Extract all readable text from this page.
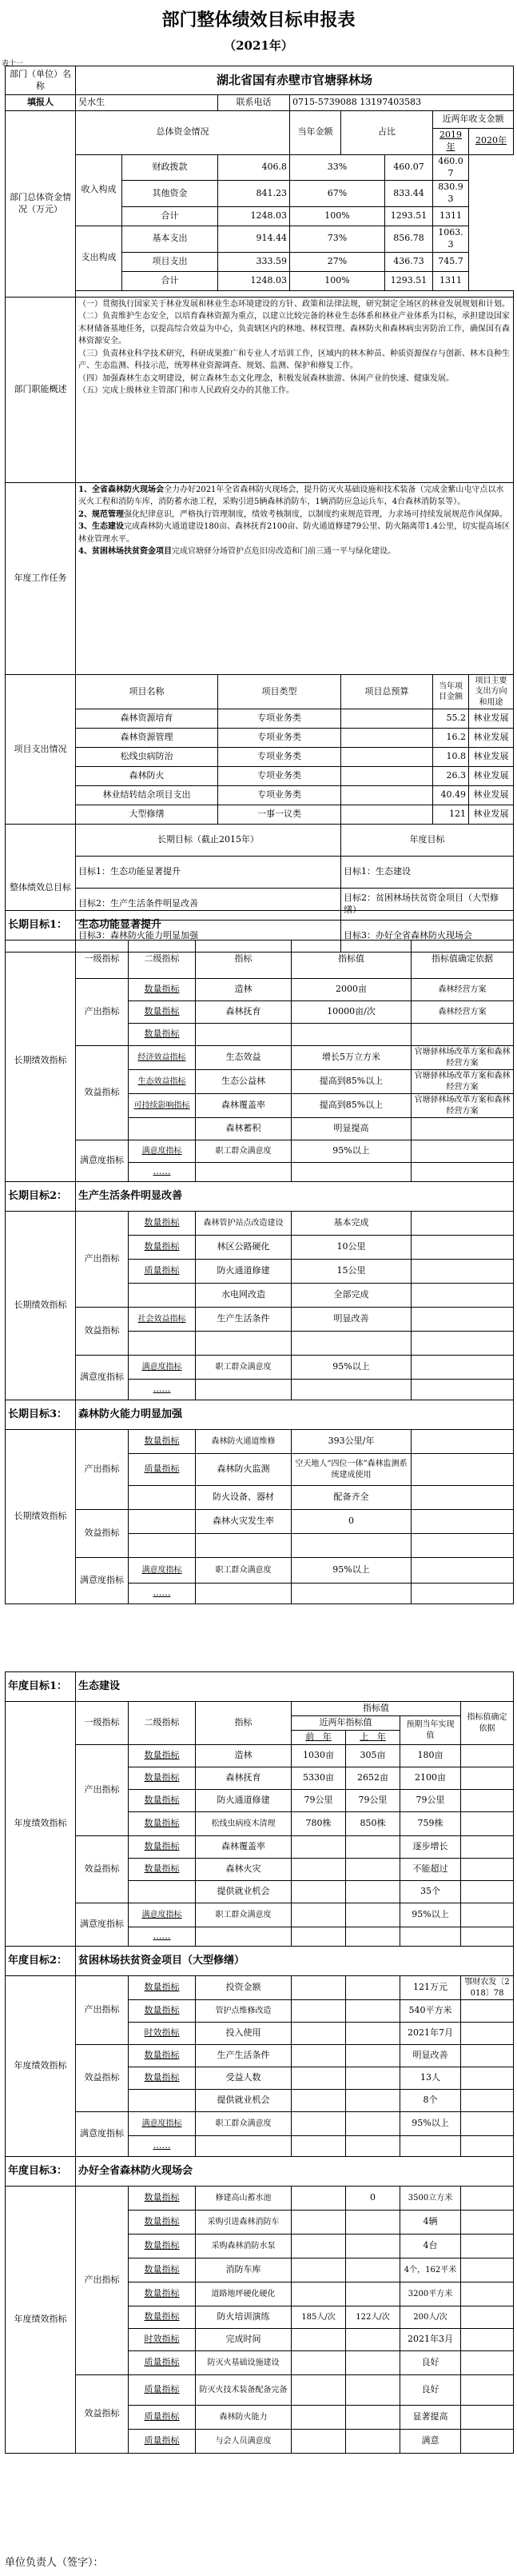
部门整体绩效目标申报表
（2021年）
表十一
部门（单位）名称	湖北省国有赤壁市官塘驿林场							
填报人	吴水生		联系电话	0715-5739088 13197403583				
部门总体资金情况（万元）	总体资金情况			当年金额	占比		近两年收支金额	
							2019年	2020年
	收入构成	财政拨款	406.8	33%		460.07	460.07	
		其他资金	841.23	67%		833.44	830.93	
		合计	1248.03	100%		1293.51	1311	
	支出构成	基本支出	914.44	73%		856.78	1063.3	
		项目支出	333.59	27%		436.73	745.7	
		合计	1248.03	100%		1293.51	1311	

部门职能概述	（一）贯彻执行国家关于林业发展和林业生态环境建设的方针、政策和法律法规，研究制定全场区的林业发展规划和计划。
（二）负责维护生态安全，以培育森林资源为重点，以建立比较完备的林业生态体系和林业产业体系为目标，承担建设国家木材储备基地任务，以提高综合效益为中心，负责辖区内的林地、林权管理、森林防火和森林病虫害防治工作，确保国有森林资源安全。
（三）负责林业科学技术研究，科研成果推广和专业人才培训工作，区域内的林木种苗、种质资源保存与创新、林木良种生产、生态监测、科技示范，统筹林业资源调查、规划、监测、保护和修复工作。
（四）加强森林生态文明建设，树立森林生态文化理念，积极发展森林旅游、休闲产业的快速、健康发展。
（五）完成上级林业主管部门和市人民政府交办的其他工作。							

年度工作任务	1、全省森林防火现场会全力办好2021年全省森林防火现场会，提升防灭火基础设施和技术装备（完成金紫山屯守点以水灭火工程和消防车库，消防蓄水池工程，采购引进5辆森林消防车，1辆消防应急运兵车，4台森林消防泵等）。
2、规范管理强化纪律意识，严格执行管理制度，绩效考核制度，以制度约束规范管理，力求场可持续发展规范作风保障。
3、生态建设完成森林防火通道建设180亩、森林抚育2100亩、防火通道修建79公里、防火隔离带1.4公里，切实提高场区林业管理水平。
4、贫困林场扶贫资金项目完成官塘驿分场管护点危旧房改造和门前三通一平与绿化建设。							

项目支出情况	项目名称		项目类型		项目总预算		当年项目金额	项目主要支出方向和用途
	森林资源培育		专项业务类				55.2	林业发展
	森林资源管理		专项业务类				16.2	林业发展
	松线虫病防治		专项业务类				10.8	林业发展
	森林防火		专项业务类				26.3	林业发展
	林业结转结余项目支出		专项业务类				40.49	林业发展
	大型修缮		一事一议类				121	林业发展
整体绩效总目标	长期目标（截止2015年）				年度目标			
	目标1：生态功能显著提升				目标1：生态建设			
	目标2：生产生活条件明显改善				目标2：贫困林场扶贫资金项目（大型修缮）			
	目标3：森林防火能力明显加强				目标3：办好全省森林防火现场会			
长期目标1：	生态功能显著提升				
长期绩效指标	一级指标	二级指标	指标	指标值	指标值确定依据
	产出指标	数量指标	造林	2000亩	森林经营方案
		数量指标	森林抚育	10000亩/次	森林经营方案
		数量指标			
	效益指标	经济效益指标	生态效益	增长5万立方米	官塘驿林场改革方案和森林经营方案
		生态效益指标	生态公益林	提高到85%以上	官塘驿林场改革方案和森林经营方案
		可持续影响指标	森林覆盖率	提高到85%以上	官塘驿林场改革方案和森林经营方案
			森林蓄积	明显提高	
	满意度指标	满意度指标	职工群众满意度	95%以上	
		……			
长期目标2：	生产生活条件明显改善				
长期绩效指标	产出指标	数量指标	森林管护站点改造建设	基本完成	
		数量指标	林区公路硬化	10公里	
		质量指标	防火通道修建	15公里	
			水电网改造	全部完成	
	效益指标	社会效益指标	生产生活条件	明显改善	

	满意度指标	满意度指标	职工群众满意度	95%以上	
		……			
长期目标3：	森林防火能力明显加强				
长期绩效指标	产出指标	数量指标	森林防火通道维修	393公里/年	
		质量指标	森林防火监测	空天地人“四位一体”森林监测系统建成使用	
			防火设备、器材	配备齐全	
	效益指标		森林火灾发生率	0	

	满意度指标	满意度指标	职工群众满意度	95%以上	
		……			
年度目标1：	生态建设						
年度绩效指标	一级指标	二级指标	指标	指标值			指标值确定依据
				近两年指标值		预期当年实现值	
				前 年	上 年		
	产出指标	数量指标	造林	1030亩	305亩	180亩	
		数量指标	森林抚育	5330亩	2652亩	2100亩	
		数量指标	防火通道修建	79公里	79公里	79公里	
		数量指标	松线虫病疫木清理	780株	850株	759株	
	效益指标	数量指标	森林覆盖率			逐步增长	
		数量指标	森林火灾			不能超过	
			提供就业机会			35个	
	满意度指标	满意度指标	职工群众满意度			95%以上	
		……					
年度目标2：	贫困林场扶贫资金项目（大型修缮）						
年度绩效指标	产出指标	数量指标	投资金额			121万元	鄂财农发〔2018〕78
		数量指标	管护点维修改造			540平方米	
		时效指标	投入使用			2021年7月	
	效益指标	数量指标	生产生活条件			明显改善	
		数量指标	受益人数			13人	
			提供就业机会			8个	
	满意度指标	满意度指标	职工群众满意度			95%以上	
		……					
年度目标3：	办好全省森林防火现场会						
年度绩效指标	产出指标	数量指标	修建高山蓄水池		0	3500立方米	
		数量指标	采购引进森林消防车			4辆	
		数量指标	采购森林消防水泵			4台	
		数量指标	消防车库			4个，162平米	
		数量指标	道路地坪硬化硬化			3200平方米	
		数量指标	防火培训演练	185人/次	122人/次	200人/次	
		时效指标	完成时间			2021年3月	
		质量指标	防灭火基础设施建设			良好	
	效益指标	质量指标	防灭火技术装备配备完备			良好	
		质量指标	森林防火能力			显著提高	
		质量指标	与会人员满意度			满意	
单位负责人（签字）：
